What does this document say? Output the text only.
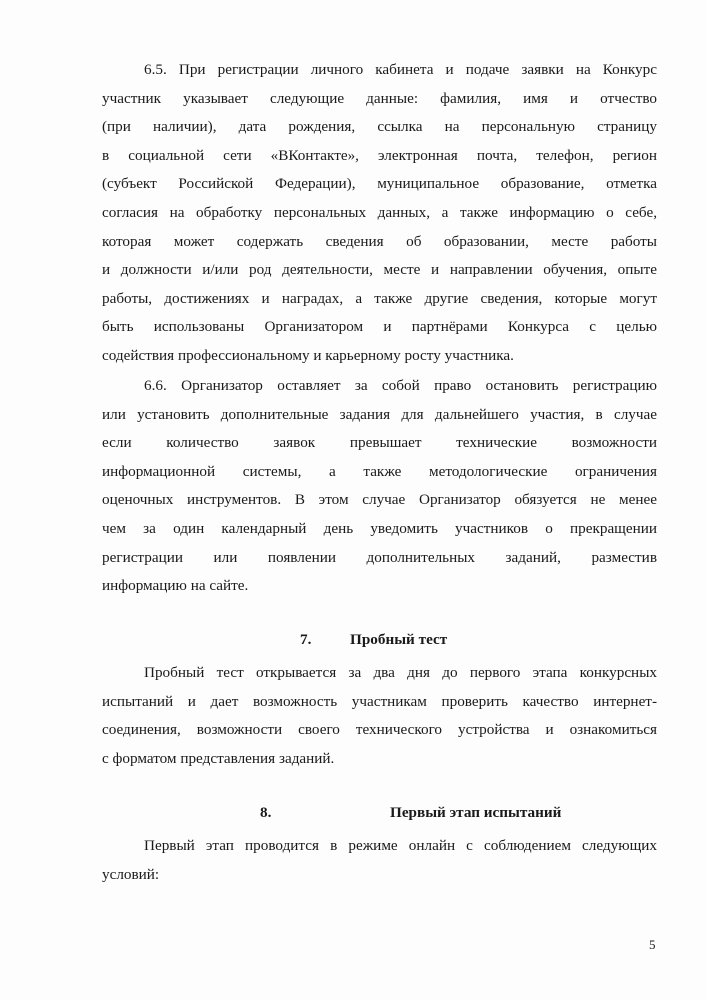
6.5. При регистрации личного кабинета и подаче заявки на Конкурс
участник указывает следующие данные: фамилия, имя и отчество
(при наличии), дата рождения, ссылка на персональную страницу
в социальной сети «ВКонтакте», электронная почта, телефон, регион
(субъект Российской Федерации), муниципальное образование, отметка
согласия на обработку персональных данных, а также информацию о себе,
которая может содержать сведения об образовании, месте работы
и должности и/или род деятельности, месте и направлении обучения, опыте
работы, достижениях и наградах, а также другие сведения, которые могут
быть использованы Организатором и партнёрами Конкурса с целью
содействия профессиональному и карьерному росту участника.
6.6. Организатор оставляет за собой право остановить регистрацию
или установить дополнительные задания для дальнейшего участия, в случае
если количество заявок превышает технические возможности
информационной системы, а также методологические ограничения
оценочных инструментов. В этом случае Организатор обязуется не менее
чем за один календарный день уведомить участников о прекращении
регистрации или появлении дополнительных заданий, разместив
информацию на сайте.
7.	Пробный тест
Пробный тест открывается за два дня до первого этапа конкурсных
испытаний и дает возможность участникам проверить качество интернет-
соединения, возможности своего технического устройства и ознакомиться
с форматом представления заданий.
8.	Первый этап испытаний
Первый этап проводится в режиме онлайн с соблюдением следующих
условий:
5
